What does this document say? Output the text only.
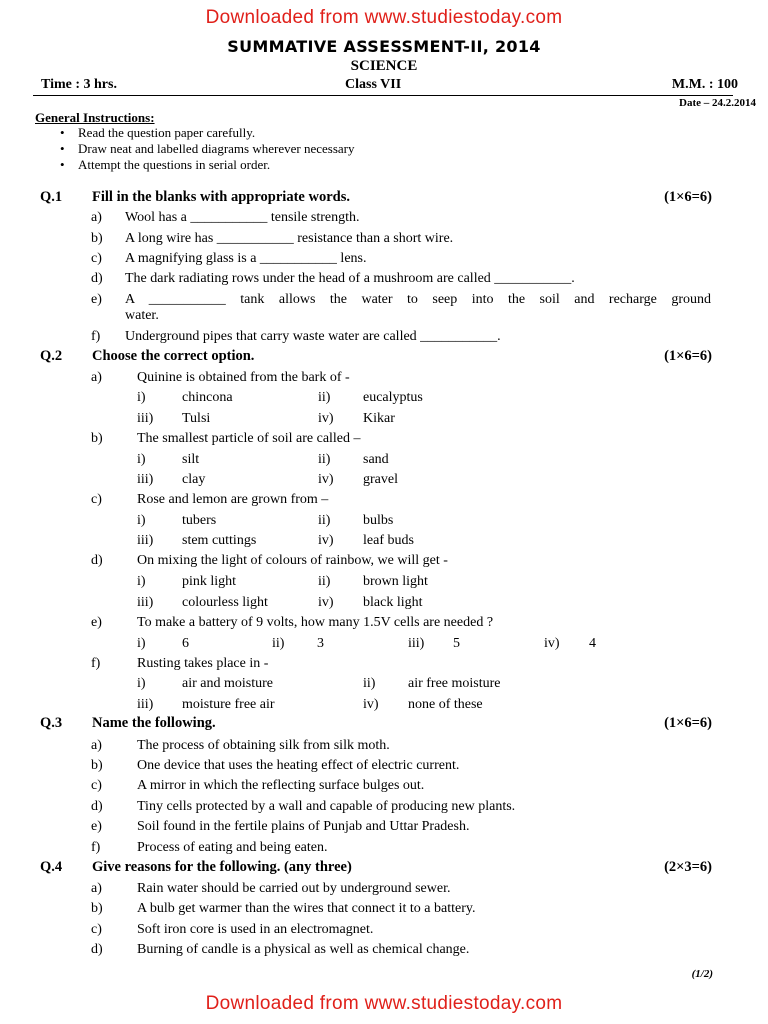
Downloaded from www.studiestoday.com
SUMMATIVE ASSESSMENT-II, 2014
SCIENCE
Time : 3 hrs.	Class VII	M.M. : 100
Date – 24.2.2014
General Instructions:
• Read the question paper carefully.
• Draw neat and labelled diagrams wherever necessary
• Attempt the questions in serial order.
Q.1 Fill in the blanks with appropriate words.	(1×6=6)
a) Wool has a ___________ tensile strength.
b) A long wire has ___________ resistance than a short wire.
c) A magnifying glass is a ___________ lens.
d) The dark radiating rows under the head of a mushroom are called ___________.
e) A ___________ tank allows the water to seep into the soil and recharge ground
water.
f) Underground pipes that carry waste water are called ___________.
Q.2 Choose the correct option.	(1×6=6)
a)	Quinine is obtained from the bark of -
i)	chincona	ii) eucalyptus
iii) Tulsi	iv) Kikar
b) The smallest particle of soil are called –
i)	silt	ii) sand
iii) clay	iv) gravel
c)	Rose and lemon are grown from –
i)	tubers	ii) bulbs
iii) stem cuttings	iv) leaf buds
d) On mixing the light of colours of rainbow, we will get -
i)	pink light	ii) brown light
iii) colourless light	iv) black light
e)	To make a battery of 9 volts, how many 1.5V cells are needed ?
i)	6	ii) 3	iii) 5	iv) 4
f)	Rusting takes place in -
i)	air and moisture	ii) air free moisture
iii) moisture free air	iv) none of these
Q.3 Name the following.	(1×6=6)
a)	The process of obtaining silk from silk moth.
b) One device that uses the heating effect of electric current.
c)	A mirror in which the reflecting surface bulges out.
d) Tiny cells protected by a wall and capable of producing new plants.
e)	Soil found in the fertile plains of Punjab and Uttar Pradesh.
f)	Process of eating and being eaten.
Q.4 Give reasons for the following. (any three)	(2×3=6)
a)	Rain water should be carried out by underground sewer.
b) A bulb get warmer than the wires that connect it to a battery.
c)	Soft iron core is used in an electromagnet.
d) Burning of candle is a physical as well as chemical change.
(1/2)
Downloaded from www.studiestoday.com
